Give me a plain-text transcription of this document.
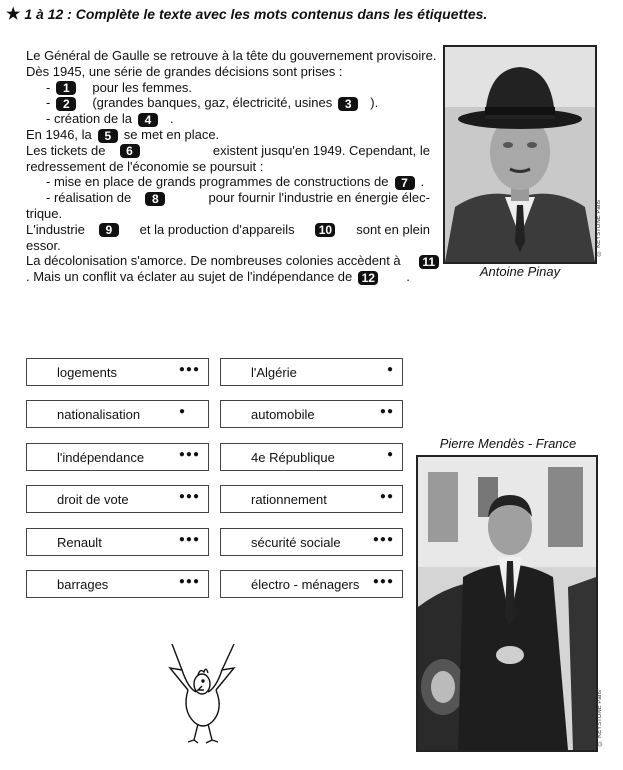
★ 1 à 12 : Complète le texte avec les mots contenus dans les étiquettes.
Le Général de Gaulle se retrouve à la tête du gouvernement provisoire.
Dès 1945, une série de grandes décisions sont prises :
- 1 pour les femmes.
- 2 (grandes banques, gaz, électricité, usines 3 ).
- création de la 4 .
En 1946, la 5 se met en place.
Les tickets de 6	existent jusqu'en 1949. Cependant, le
redressement de l'économie se poursuit :
- mise en place de grands programmes de constructions de 7 .
- réalisation de 8	pour fournir l'industrie en énergie élec-
trique.
L'industrie 9	et la production d'appareils	10	sont en plein
essor.
La décolonisation s'amorce. De nombreuses colonies accèdent à 11
. Mais un conflit va éclater au sujet de l'indépendance de 12 .
© KEYSTONE Paris
Antoine Pinay
logements	●●●	l'Algérie	●
nationalisation	●	automobile	●●
l'indépendance	●●●	4e République	●
droit de vote	●●●	rationnement	●●
Renault	●●●	sécurité sociale	●●●
barrages	●●●	électro - ménagers ●●●
Pierre Mendès - France
© KEYSTONE Paris
